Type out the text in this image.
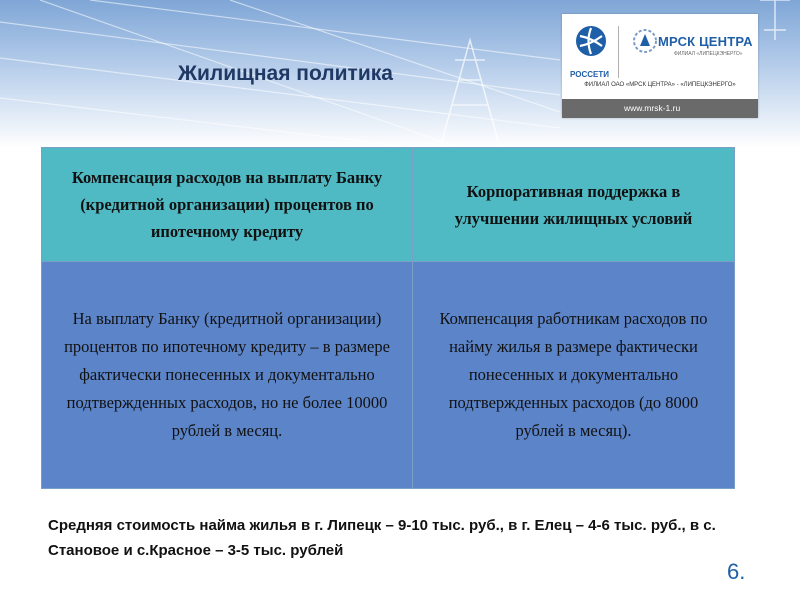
Жилищная политика	РОССЕТИ
МРСК ЦЕНТРА
ФИЛИАЛ «ЛИПЕЦКЭНЕРГО»
ФИЛИАЛ ОАО «МРСК ЦЕНТРА» - «ЛИПЕЦКЭНЕРГО»
www.mrsk-1.ru
Компенсация расходов на выплату Банку (кредитной организации) процентов по ипотечному кредиту	Корпоративная поддержка в улучшении жилищных условий
На выплату Банку (кредитной организации) процентов по ипотечному кредиту – в размере фактически понесенных и документально подтвержденных расходов, но не более 10000 рублей в месяц.	Компенсация работникам расходов по найму жилья в размере фактически понесенных и документально подтвержденных расходов (до 8000 рублей в месяц).
Средняя стоимость найма жилья в г. Липецк – 9-10 тыс. руб., в г. Елец – 4-6 тыс. руб., в с. Становое и с.Красное – 3-5 тыс. рублей
6.
